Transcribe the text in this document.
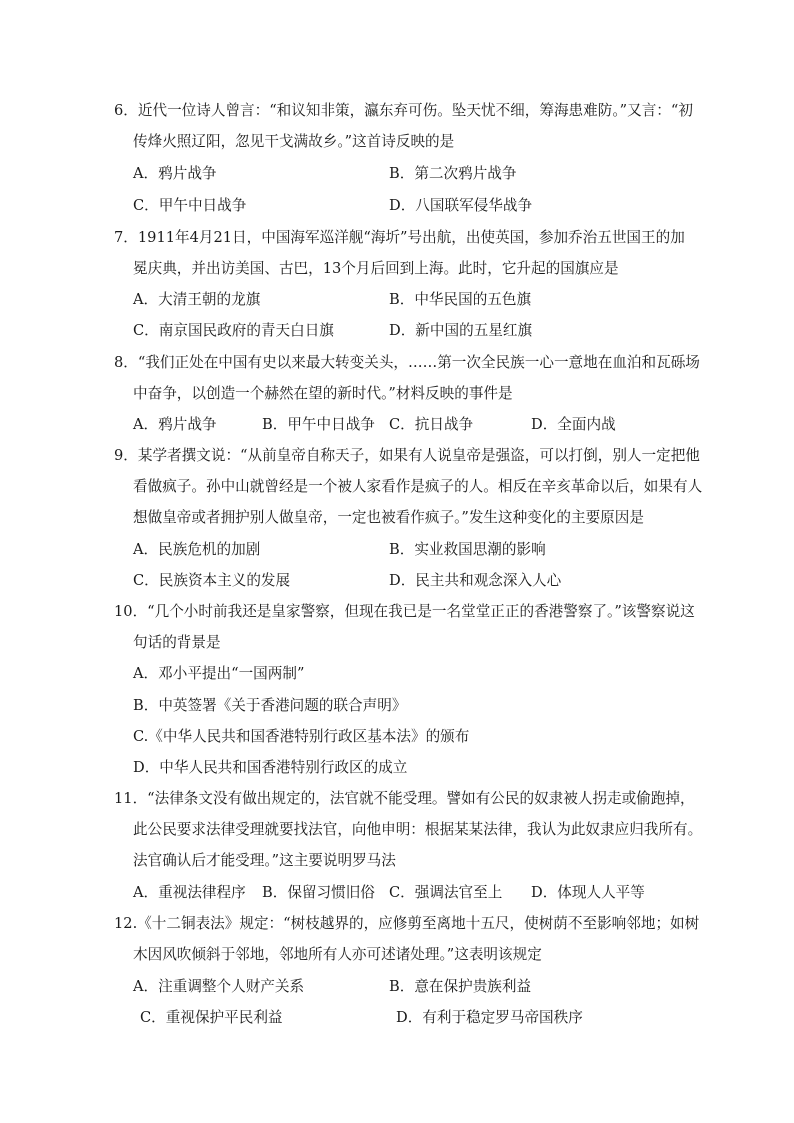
6．近代一位诗人曾言：“和议知非策，瀛东弃可伤。坠天忧不细，筹海患难防。”又言：“初
传烽火照辽阳，忽见干戈满故乡。”这首诗反映的是
A．鸦片战争	B．第二次鸦片战争
C．甲午中日战争	D．八国联军侵华战争
7．1911年4月21日，中国海军巡洋舰“海圻”号出航，出使英国，参加乔治五世国王的加
冕庆典，并出访美国、古巴，13个月后回到上海。此时，它升起的国旗应是
A．大清王朝的龙旗	B．中华民国的五色旗
C．南京国民政府的青天白日旗	D．新中国的五星红旗
8．“我们正处在中国有史以来最大转变关头，……第一次全民族一心一意地在血泊和瓦砾场
中奋争，以创造一个赫然在望的新时代。”材料反映的事件是
A．鸦片战争	B．甲午中日战争 C．抗日战争	D．全面内战
9．某学者撰文说：“从前皇帝自称天子，如果有人说皇帝是强盗，可以打倒，别人一定把他
看做疯子。孙中山就曾经是一个被人家看作是疯子的人。相反在辛亥革命以后，如果有人
想做皇帝或者拥护别人做皇帝，一定也被看作疯子。”发生这种变化的主要原因是
A．民族危机的加剧	B．实业救国思潮的影响
C．民族资本主义的发展	D．民主共和观念深入人心
10．“几个小时前我还是皇家警察，但现在我已是一名堂堂正正的香港警察了。”该警察说这
句话的背景是
A．邓小平提出“一国两制”
B．中英签署《关于香港问题的联合声明》
C.《中华人民共和国香港特别行政区基本法》的颁布
D．中华人民共和国香港特别行政区的成立
11．“法律条文没有做出规定的，法官就不能受理。譬如有公民的奴隶被人拐走或偷跑掉，
此公民要求法律受理就要找法官，向他申明：根据某某法律，我认为此奴隶应归我所有。
法官确认后才能受理。”这主要说明罗马法
A．重视法律程序 B．保留习惯旧俗 C．强调法官至上 D．体现人人平等
12.《十二铜表法》规定：“树枝越界的，应修剪至离地十五尺，使树荫不至影响邻地；如树
木因风吹倾斜于邻地，邻地所有人亦可述诸处理。”这表明该规定
A．注重调整个人财产关系	B．意在保护贵族利益
C．重视保护平民利益	D．有利于稳定罗马帝国秩序
